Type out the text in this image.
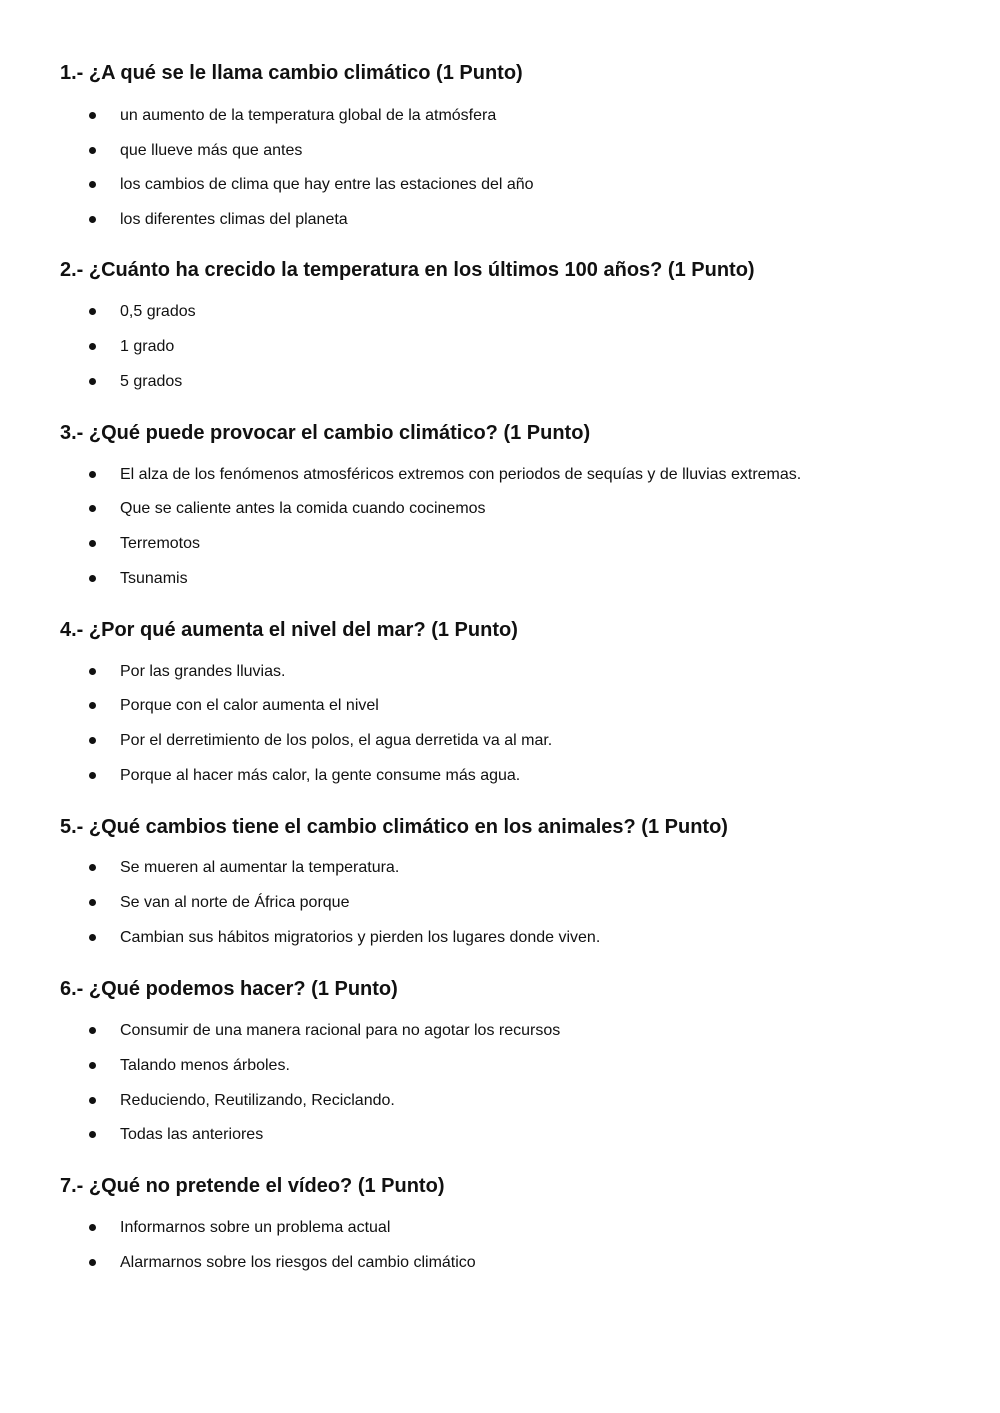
1.- ¿A qué se le llama cambio climático (1 Punto)
un aumento de la temperatura global de la atmósfera
que llueve más que antes
los cambios de clima que hay entre las estaciones del año
los diferentes climas del planeta
2.- ¿Cuánto ha crecido la temperatura en los últimos 100 años? (1 Punto)
0,5 grados
1 grado
5 grados
3.- ¿Qué puede provocar el cambio climático? (1 Punto)
El alza de los fenómenos atmosféricos extremos con periodos de sequías y de lluvias extremas.
Que se caliente antes la comida cuando cocinemos
Terremotos
Tsunamis
4.- ¿Por qué aumenta el nivel del mar? (1 Punto)
Por las grandes lluvias.
Porque con el calor aumenta el nivel
Por el derretimiento de los polos, el agua derretida va al mar.
Porque al hacer más calor, la gente consume más agua.
5.- ¿Qué cambios tiene el cambio climático en los animales? (1 Punto)
Se mueren al aumentar la temperatura.
Se van al norte de África porque
Cambian sus hábitos migratorios y pierden los lugares donde viven.
6.- ¿Qué podemos hacer? (1 Punto)
Consumir de una manera racional para no agotar los recursos
Talando menos árboles.
Reduciendo, Reutilizando, Reciclando.
Todas las anteriores
7.- ¿Qué no pretende el vídeo? (1 Punto)
Informarnos sobre un problema actual
Alarmarnos sobre los riesgos del cambio climático
